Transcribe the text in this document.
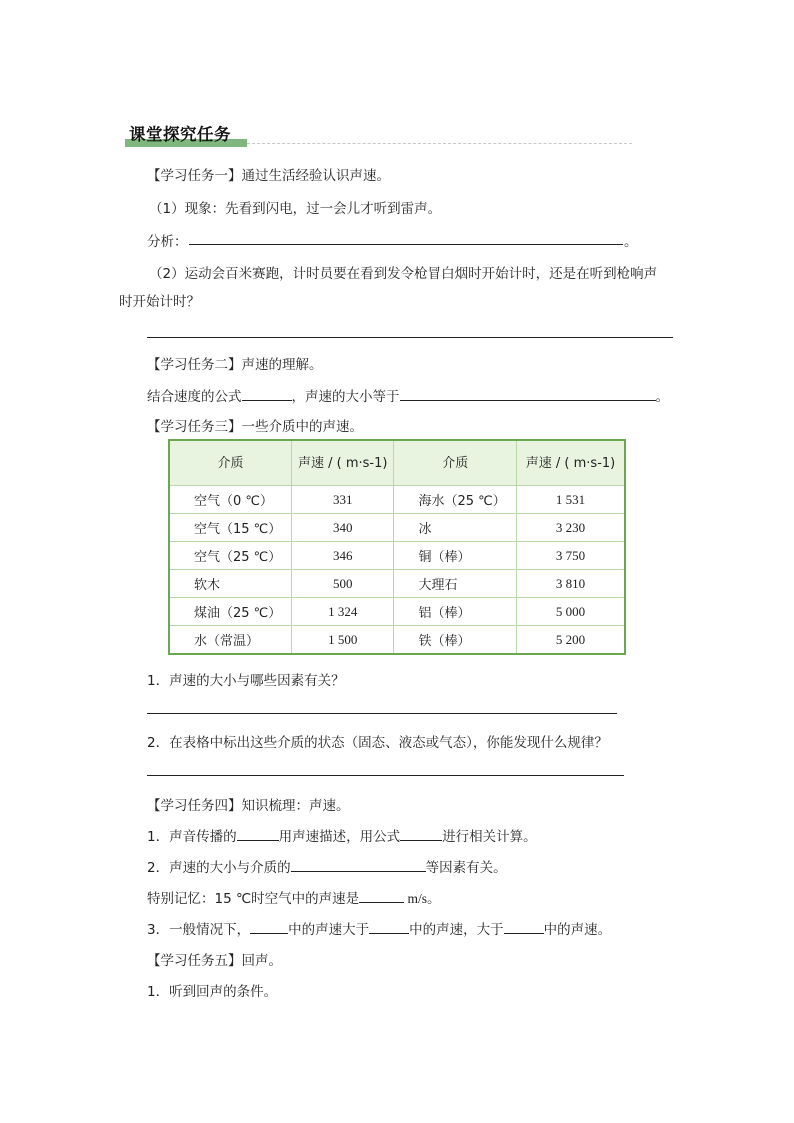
课堂探究任务
【学习任务一】通过生活经验认识声速。
（1）现象：先看到闪电，过一会儿才听到雷声。
分析：	。
（2）运动会百米赛跑，计时员要在看到发令枪冒白烟时开始计时，还是在听到枪响声
时开始计时？
【学习任务二】声速的理解。
结合速度的公式	，声速的大小等于	。
【学习任务三】一些介质中的声速。
介质	声速 / ( m·s-1)	介质	声速 / ( m·s-1)
空气（0 ℃）	331	海水（25 ℃）	1 531
空气（15 ℃）	340	冰	3 230
空气（25 ℃）	346	铜（棒）	3 750
软木	500	大理石	3 810
煤油（25 ℃）	1 324	铝（棒）	5 000
水（常温）	1 500	铁（棒）	5 200
1．声速的大小与哪些因素有关？
2．在表格中标出这些介质的状态（固态、液态或气态），你能发现什么规律？
【学习任务四】知识梳理：声速。
1．声音传播的	用声速描述，用公式	进行相关计算。
2．声速的大小与介质的	等因素有关。
特别记忆：15 ℃时空气中的声速是	m/s。
3．一般情况下，	中的声速大于	中的声速，大于	中的声速。
【学习任务五】回声。
1．听到回声的条件。
